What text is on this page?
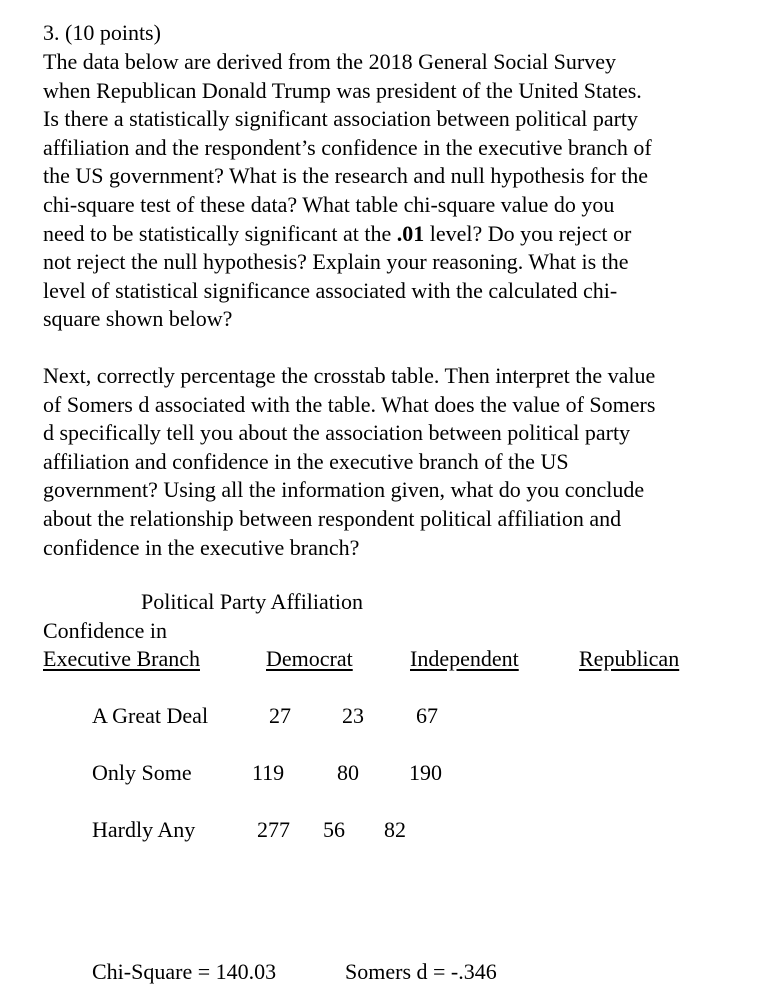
3. (10 points)
The data below are derived from the 2018 General Social Survey
when Republican Donald Trump was president of the United States.
Is there a statistically significant association between political party
affiliation and the respondent’s confidence in the executive branch of
the US government? What is the research and null hypothesis for the
chi-square test of these data? What table chi-square value do you
need to be statistically significant at the .01 level? Do you reject or
not reject the null hypothesis? Explain your reasoning. What is the
level of statistical significance associated with the calculated chi-
square shown below?
Next, correctly percentage the crosstab table. Then interpret the value
of Somers d associated with the table. What does the value of Somers
d specifically tell you about the association between political party
affiliation and confidence in the executive branch of the US
government? Using all the information given, what do you conclude
about the relationship between respondent political affiliation and
confidence in the executive branch?
Political Party Affiliation
Confidence in
Executive Branch	Democrat	Independent	Republican
A Great Deal	27 23 67
Only Some	119 80 190
Hardly Any	277 56 82
Chi-Square = 140.03	Somers d = -.346
